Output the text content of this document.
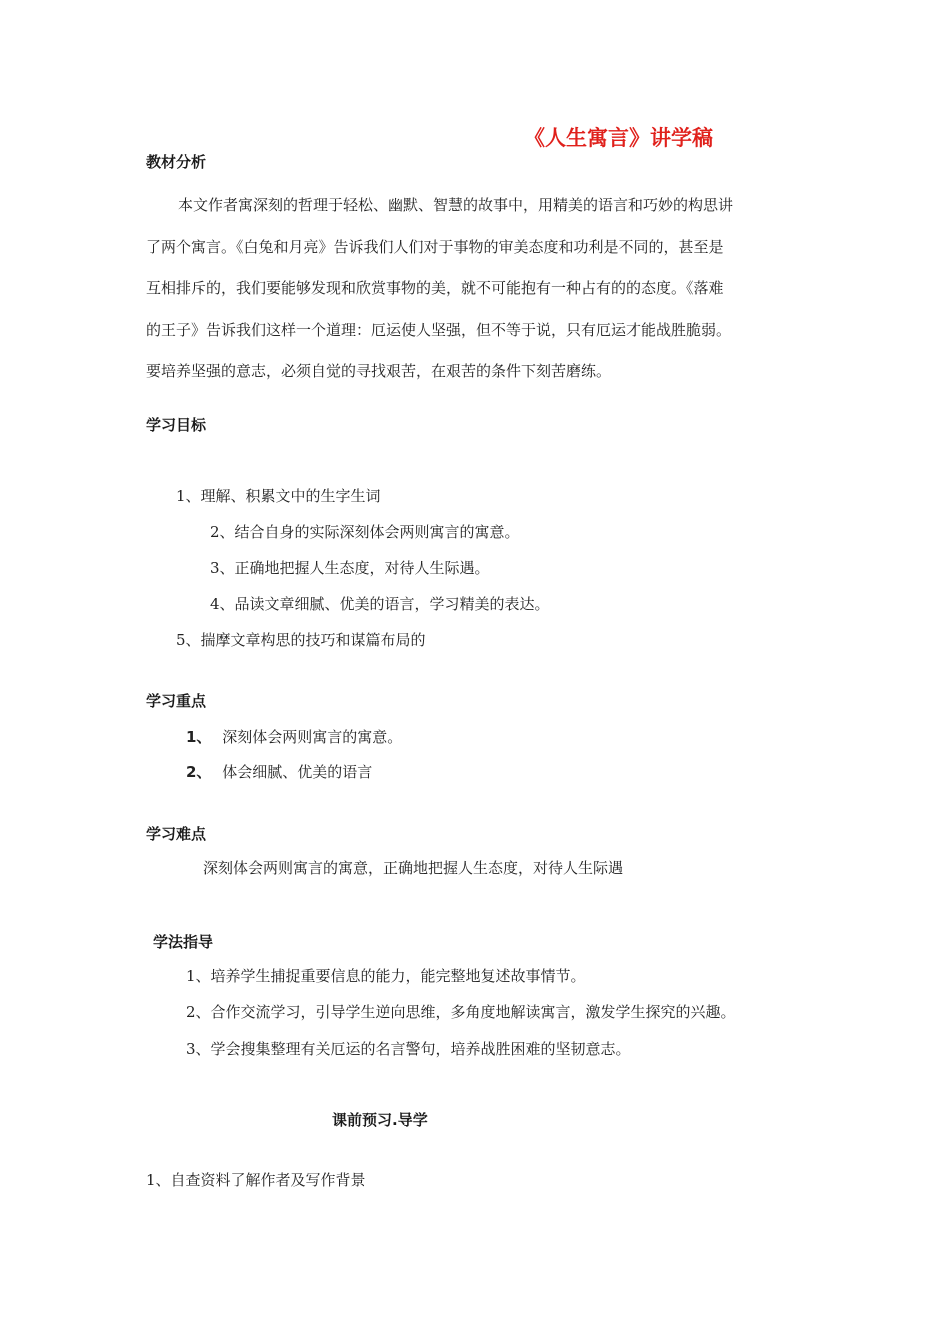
《人生寓言》讲学稿
教材分析
本文作者寓深刻的哲理于轻松、幽默、智慧的故事中，用精美的语言和巧妙的构思讲
了两个寓言。《白兔和月亮》告诉我们人们对于事物的审美态度和功利是不同的，甚至是
互相排斥的，我们要能够发现和欣赏事物的美，就不可能抱有一种占有的的态度。《落难
的王子》告诉我们这样一个道理：厄运使人坚强，但不等于说，只有厄运才能战胜脆弱。
要培养坚强的意志，必须自觉的寻找艰苦，在艰苦的条件下刻苦磨练。
学习目标
1、理解、积累文中的生字生词
2、结合自身的实际深刻体会两则寓言的寓意。
3、正确地把握人生态度，对待人生际遇。
4、品读文章细腻、优美的语言，学习精美的表达。
5、揣摩文章构思的技巧和谋篇布局的
学习重点
1、 深刻体会两则寓言的寓意。
2、 体会细腻、优美的语言
学习难点
深刻体会两则寓言的寓意，正确地把握人生态度，对待人生际遇
学法指导
1、培养学生捕捉重要信息的能力，能完整地复述故事情节。
2、合作交流学习，引导学生逆向思维，多角度地解读寓言，激发学生探究的兴趣。
3、学会搜集整理有关厄运的名言警句，培养战胜困难的坚韧意志。
课前预习.导学
1、自查资料了解作者及写作背景
